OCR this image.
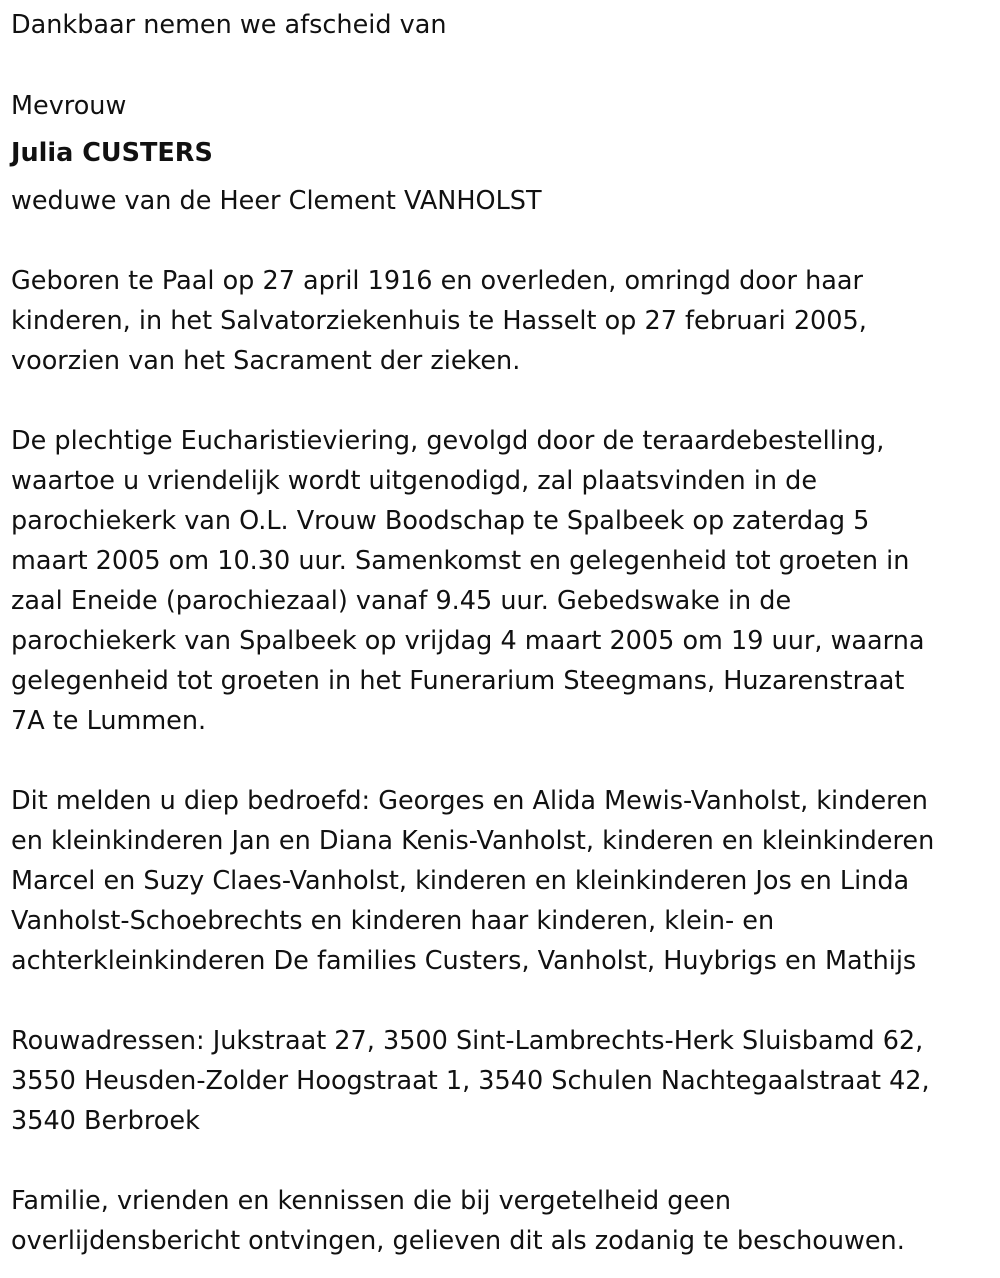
Dankbaar nemen we afscheid van

Mevrouw

Julia CUSTERS

weduwe van de Heer Clement VANHOLST

Geboren te Paal op 27 april 1916 en overleden, omringd door haar

kinderen, in het Salvatorziekenhuis te Hasselt op 27 februari 2005,

voorzien van het Sacrament der zieken.

De plechtige Eucharistieviering, gevolgd door de teraardebestelling,

waartoe u vriendelijk wordt uitgenodigd, zal plaatsvinden in de

parochiekerk van O.L. Vrouw Boodschap te Spalbeek op zaterdag 5

maart 2005 om 10.30 uur. Samenkomst en gelegenheid tot groeten in

zaal Eneide (parochiezaal) vanaf 9.45 uur. Gebedswake in de

parochiekerk van Spalbeek op vrijdag 4 maart 2005 om 19 uur, waarna

gelegenheid tot groeten in het Funerarium Steegmans, Huzarenstraat

7A te Lummen.

Dit melden u diep bedroefd: Georges en Alida Mewis-Vanholst, kinderen

en kleinkinderen Jan en Diana Kenis-Vanholst, kinderen en kleinkinderen

Marcel en Suzy Claes-Vanholst, kinderen en kleinkinderen Jos en Linda

Vanholst-Schoebrechts en kinderen haar kinderen, klein- en

achterkleinkinderen De families Custers, Vanholst, Huybrigs en Mathijs

Rouwadressen: Jukstraat 27, 3500 Sint-Lambrechts-Herk Sluisbamd 62,

3550 Heusden-Zolder Hoogstraat 1, 3540 Schulen Nachtegaalstraat 42,

3540 Berbroek

Familie, vrienden en kennissen die bij vergetelheid geen

overlijdensbericht ontvingen, gelieven dit als zodanig te beschouwen.
